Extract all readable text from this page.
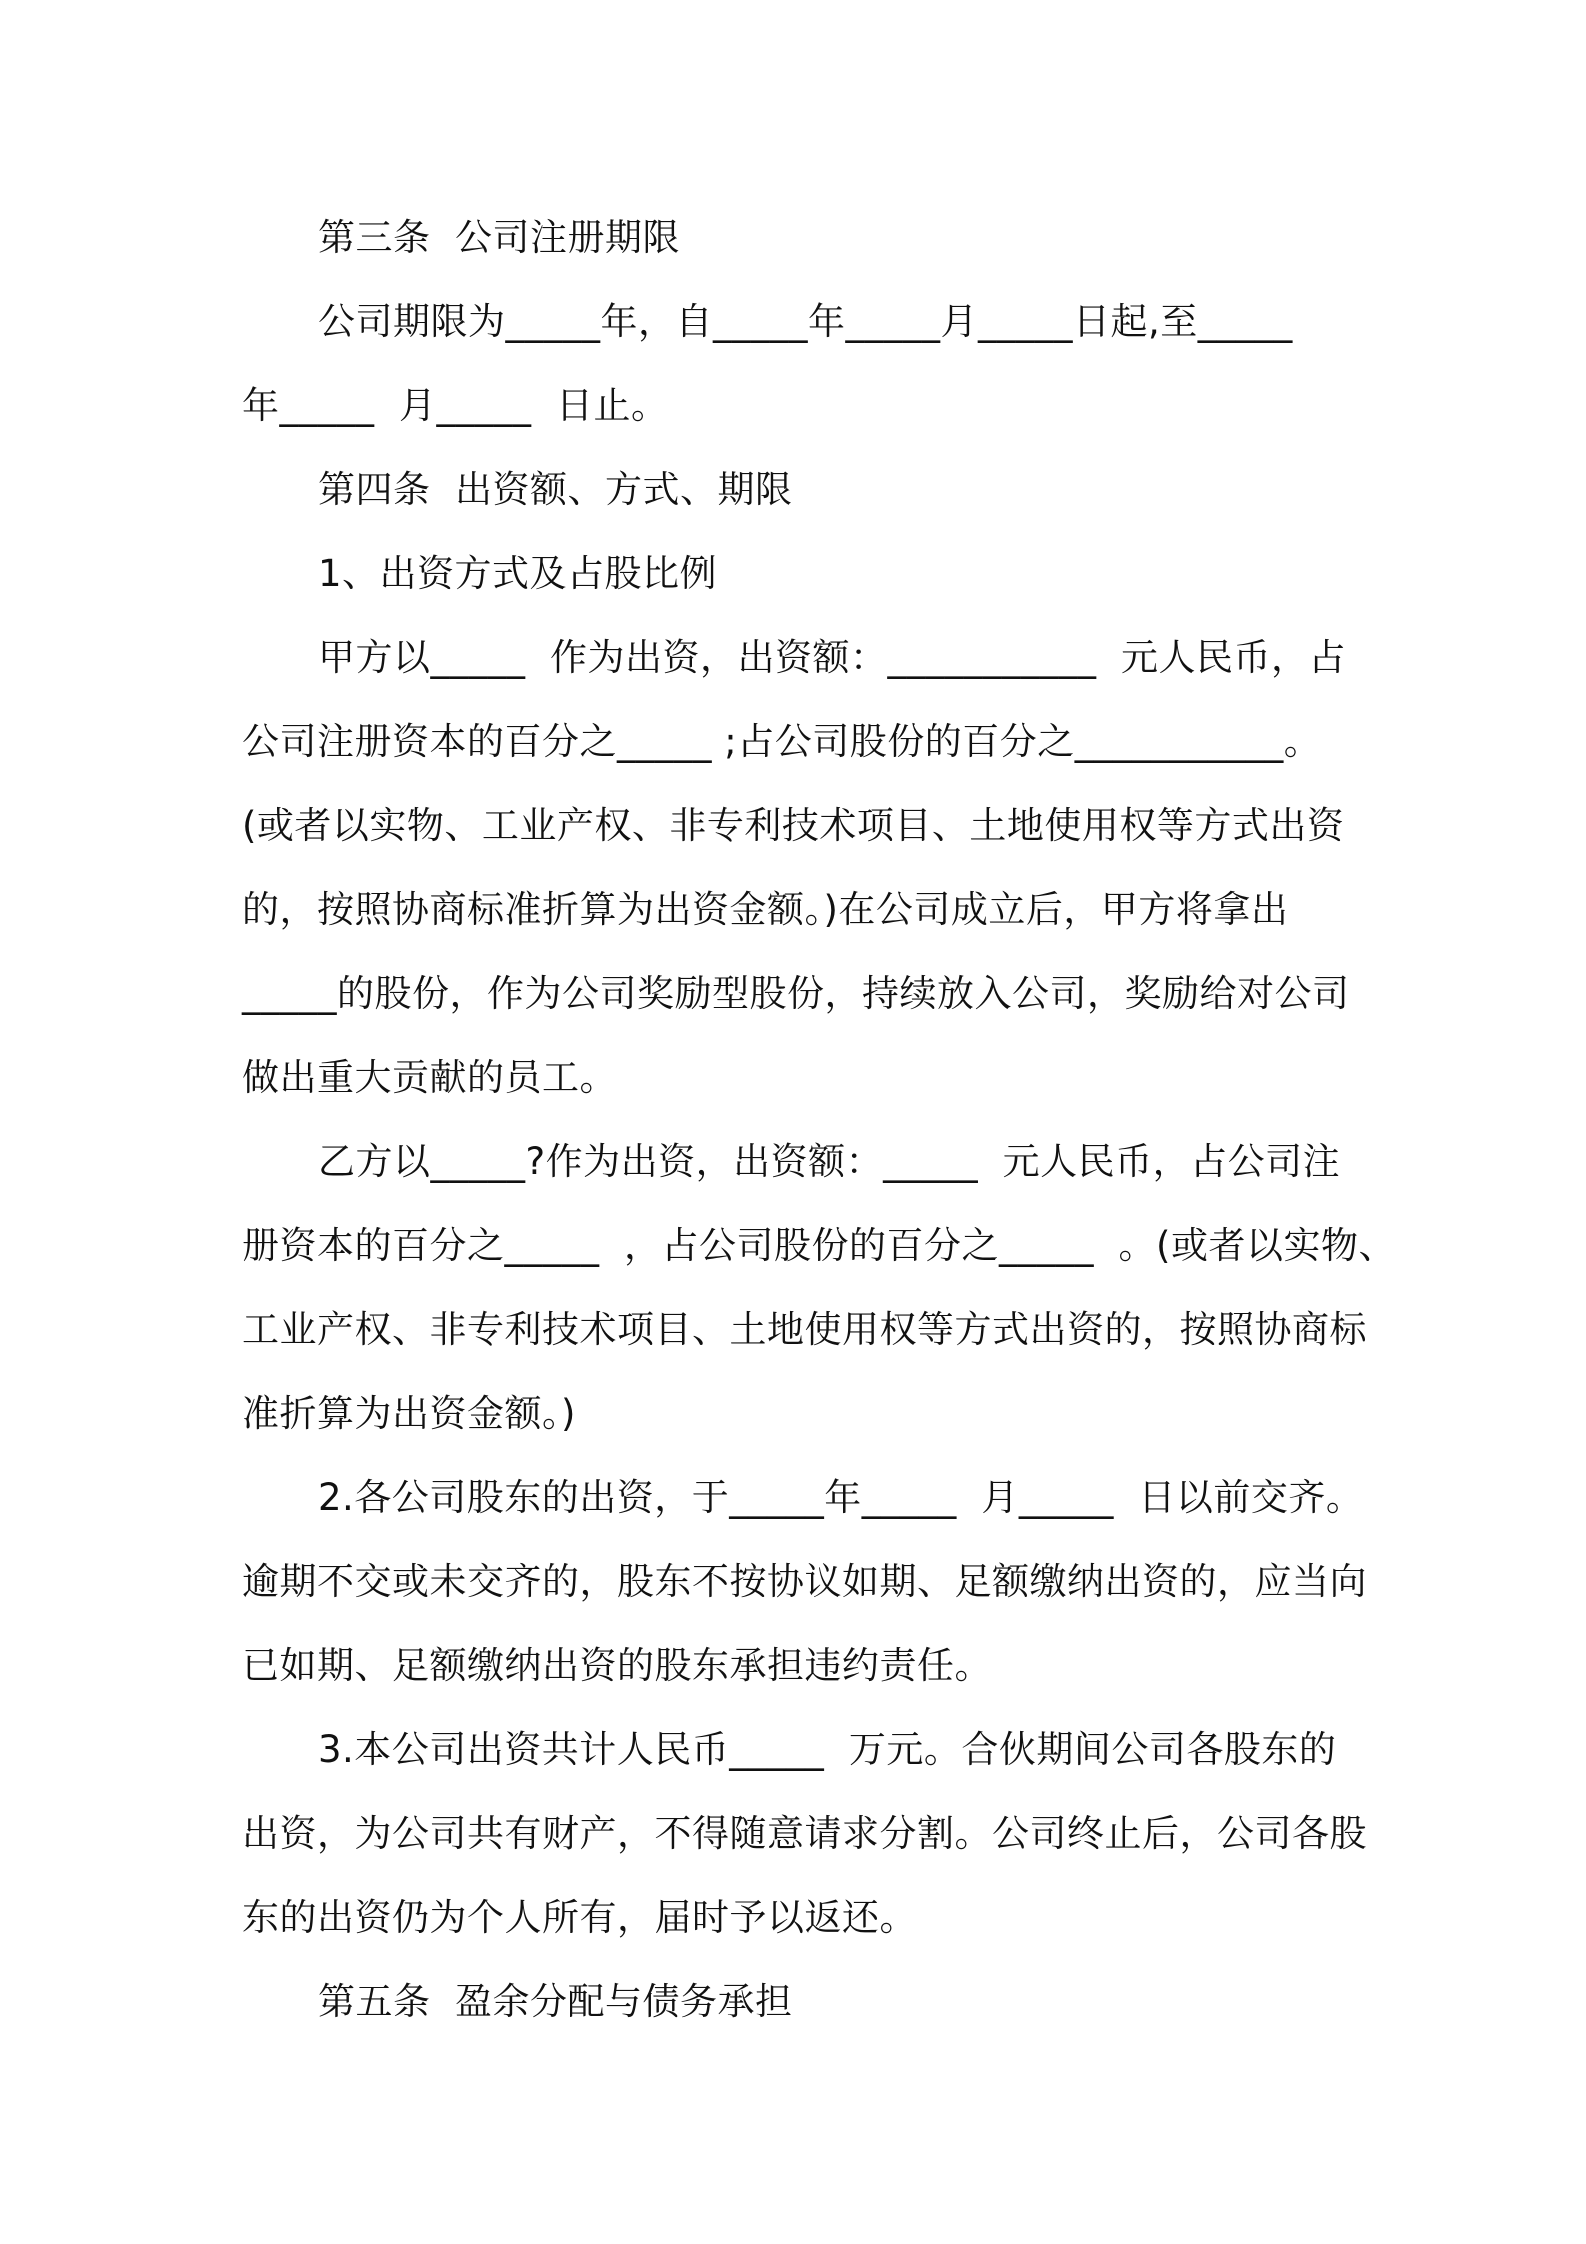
第三条  公司注册期限
公司期限为_____年，自_____年_____月_____日起,至_____
年_____  月_____  日止。
第四条  出资额、方式、期限
1、出资方式及占股比例
甲方以_____  作为出资，出资额：___________  元人民币，占
公司注册资本的百分之_____ ;占公司股份的百分之___________。
(或者以实物、工业产权、非专利技术项目、土地使用权等方式出资
的，按照协商标准折算为出资金额。)在公司成立后，甲方将拿出
_____的股份，作为公司奖励型股份，持续放入公司，奖励给对公司
做出重大贡献的员工。
乙方以_____?作为出资，出资额：_____  元人民币，占公司注
册资本的百分之_____  ，占公司股份的百分之_____  。(或者以实物、
工业产权、非专利技术项目、土地使用权等方式出资的，按照协商标
准折算为出资金额。)
2.各公司股东的出资，于_____年_____  月_____  日以前交齐。
逾期不交或未交齐的，股东不按协议如期、足额缴纳出资的，应当向
已如期、足额缴纳出资的股东承担违约责任。
3.本公司出资共计人民币_____  万元。合伙期间公司各股东的
出资，为公司共有财产，不得随意请求分割。公司终止后，公司各股
东的出资仍为个人所有，届时予以返还。
第五条  盈余分配与债务承担
